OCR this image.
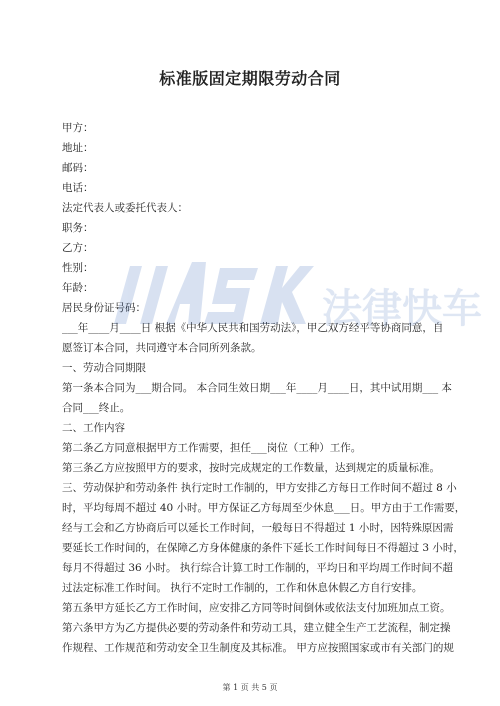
标准版固定期限劳动合同
甲方：
地址：
邮码：
电话：
法定代表人或委托代表人：
职务：
乙方：
性别：
年龄：
居民身份证号码：
___年____月____日 根据《中华人民共和国劳动法》，甲乙双方经平等协商同意，自
愿签订本合同，共同遵守本合同所列条款。
一、劳动合同期限
第一条本合同为___期合同。 本合同生效日期___年____月____日，其中试用期___ 本
合同___终止。
二、工作内容
第二条乙方同意根据甲方工作需要，担任___岗位（工种）工作。
第三条乙方应按照甲方的要求，按时完成规定的工作数量，达到规定的质量标准。
三、劳动保护和劳动条件 执行定时工作制的，甲方安排乙方每日工作时间不超过 8 小
时，平均每周不超过 40 小时。甲方保证乙方每周至少休息___日。甲方由于工作需要，
经与工会和乙方协商后可以延长工作时间，一般每日不得超过 1 小时，因特殊原因需
要延长工作时间的，在保障乙方身体健康的条件下延长工作时间每日不得超过 3 小时，
每月不得超过 36 小时。 执行综合计算工时工作制的，平均日和平均周工作时间不超
过法定标准工作时间。 执行不定时工作制的，工作和休息休假乙方自行安排。
第五条甲方延长乙方工作时间，应安排乙方同等时间倒休或依法支付加班加点工资。
第六条甲方为乙方提供必要的劳动条件和劳动工具，建立健全生产工艺流程，制定操
作规程、工作规范和劳动安全卫生制度及其标准。 甲方应按照国家或市有关部门的规
法律快车
第 1 页 共 5 页
